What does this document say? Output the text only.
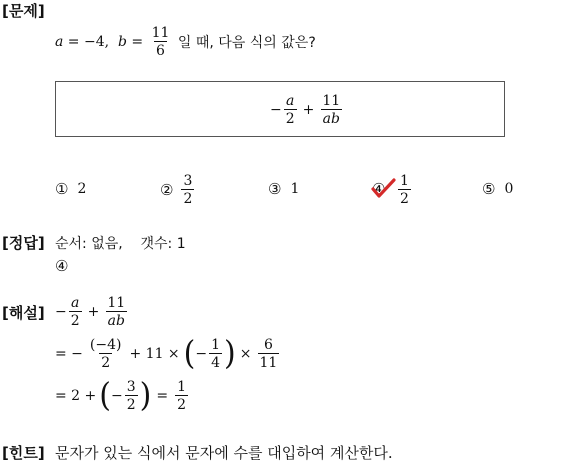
[문제]
a = −4, $b = \frac{11}{6}$ 일 때, 다음 식의 값은?
− $\frac{a}{2} + \frac{11}{ab}$
① 2	② $\frac{3}{2}$	③ 1	④ $\frac{1}{2}$	⑤ 0
[정답] 순서: 없음,    갯수: 1
④
[해설] − $\frac{a}{2} + \frac{11}{ab}$
= − $\frac{(-4)}{2} + 11$ × ( − $\frac{1}{4}$ ) × $\frac{6}{11}$
= 2 + ( − $\frac{3}{2}$ ) = $\frac{1}{2}$
[힌트] 문자가 있는 식에서 문자에 수를 대입하여 계산한다.
